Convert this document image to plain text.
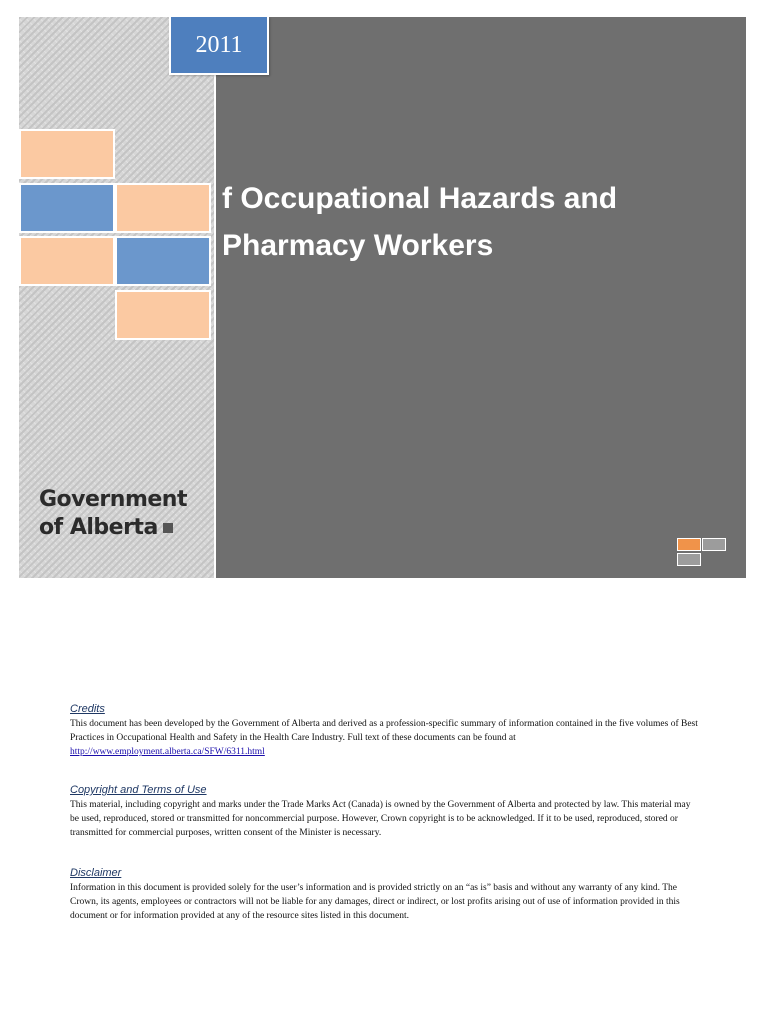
f Occupational Hazards and
Pharmacy Workers
2011
Government
of Alberta

Credits

This document has been developed by the Government of Alberta and derived as a profession-specific summary of information contained in the five volumes of Best Practices in Occupational Health and Safety in the Health Care Industry. Full text of these documents can be found at http://www.employment.alberta.ca/SFW/6311.html

Copyright and Terms of Use

This material, including copyright and marks under the Trade Marks Act (Canada) is owned by the Government of Alberta and protected by law. This material may be used, reproduced, stored or transmitted for noncommercial purpose. However, Crown copyright is to be acknowledged. If it to be used, reproduced, stored or transmitted for commercial purposes, written consent of the Minister is necessary.

Disclaimer

Information in this document is provided solely for the user’s information and is provided strictly on an “as is” basis and without any warranty of any kind. The Crown, its agents, employees or contractors will not be liable for any damages, direct or indirect, or lost profits arising out of use of information provided in this document or for information provided at any of the resource sites listed in this document.
